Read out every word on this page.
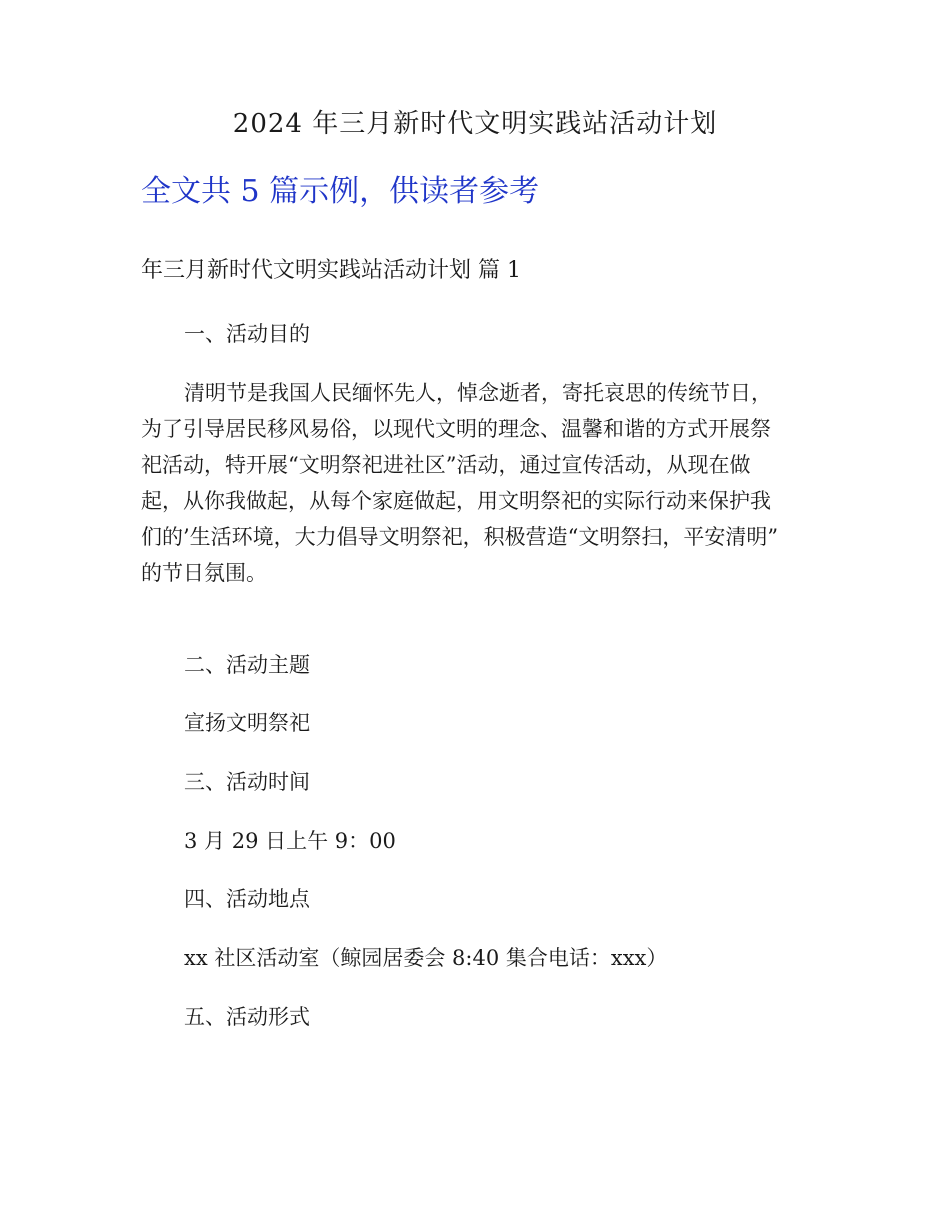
2024 年三月新时代文明实践站活动计划
全文共 5 篇示例，供读者参考
年三月新时代文明实践站活动计划 篇 1
一、活动目的
清明节是我国人民缅怀先人，悼念逝者，寄托哀思的传统节日，
为了引导居民移风易俗，以现代文明的理念、温馨和谐的方式开展祭
祀活动，特开展“文明祭祀进社区”活动，通过宣传活动，从现在做
起，从你我做起，从每个家庭做起，用文明祭祀的实际行动来保护我
们的’生活环境，大力倡导文明祭祀，积极营造“文明祭扫，平安清明”
的节日氛围。
二、活动主题
宣扬文明祭祀
三、活动时间
3 月 29 日上午 9：00
四、活动地点
xx 社区活动室（鲸园居委会 8:40 集合电话：xxx）
五、活动形式
